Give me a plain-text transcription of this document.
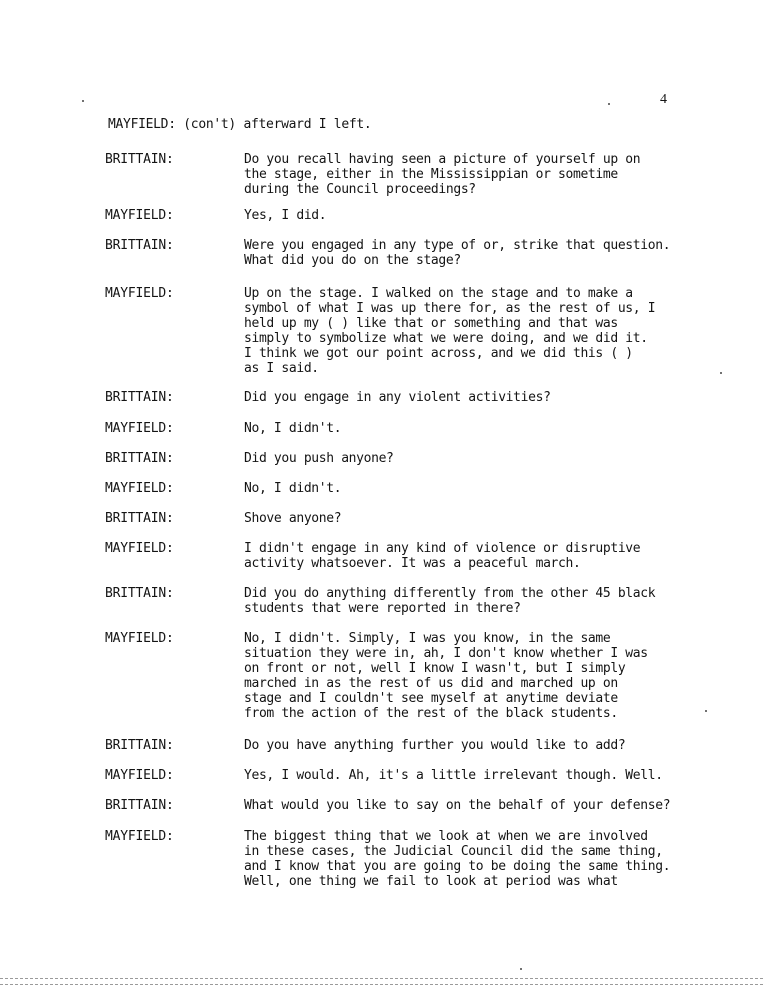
4
MAYFIELD: (con't) afterward I left.
BRITTAIN:	Do you recall having seen a picture of yourself up on
the stage, either in the Mississippian or sometime
during the Council proceedings?
MAYFIELD:	Yes, I did.
BRITTAIN:	Were you engaged in any type of or, strike that question.
What did you do on the stage?
MAYFIELD:	Up on the stage. I walked on the stage and to make a
symbol of what I was up there for, as the rest of us, I
held up my ( ) like that or something and that was
simply to symbolize what we were doing, and we did it.
I think we got our point across, and we did this ( )
as I said.
BRITTAIN:	Did you engage in any violent activities?
MAYFIELD:	No, I didn't.
BRITTAIN:	Did you push anyone?
MAYFIELD:	No, I didn't.
BRITTAIN:	Shove anyone?
MAYFIELD:	I didn't engage in any kind of violence or disruptive
activity whatsoever. It was a peaceful march.
BRITTAIN:	Did you do anything differently from the other 45 black
students that were reported in there?
MAYFIELD:	No, I didn't. Simply, I was you know, in the same
situation they were in, ah, I don't know whether I was
on front or not, well I know I wasn't, but I simply
marched in as the rest of us did and marched up on
stage and I couldn't see myself at anytime deviate
from the action of the rest of the black students.
BRITTAIN:	Do you have anything further you would like to add?
MAYFIELD:	Yes, I would. Ah, it's a little irrelevant though. Well.
BRITTAIN:	What would you like to say on the behalf of your defense?
MAYFIELD:	The biggest thing that we look at when we are involved
in these cases, the Judicial Council did the same thing,
and I know that you are going to be doing the same thing.
Well, one thing we fail to look at period was what
